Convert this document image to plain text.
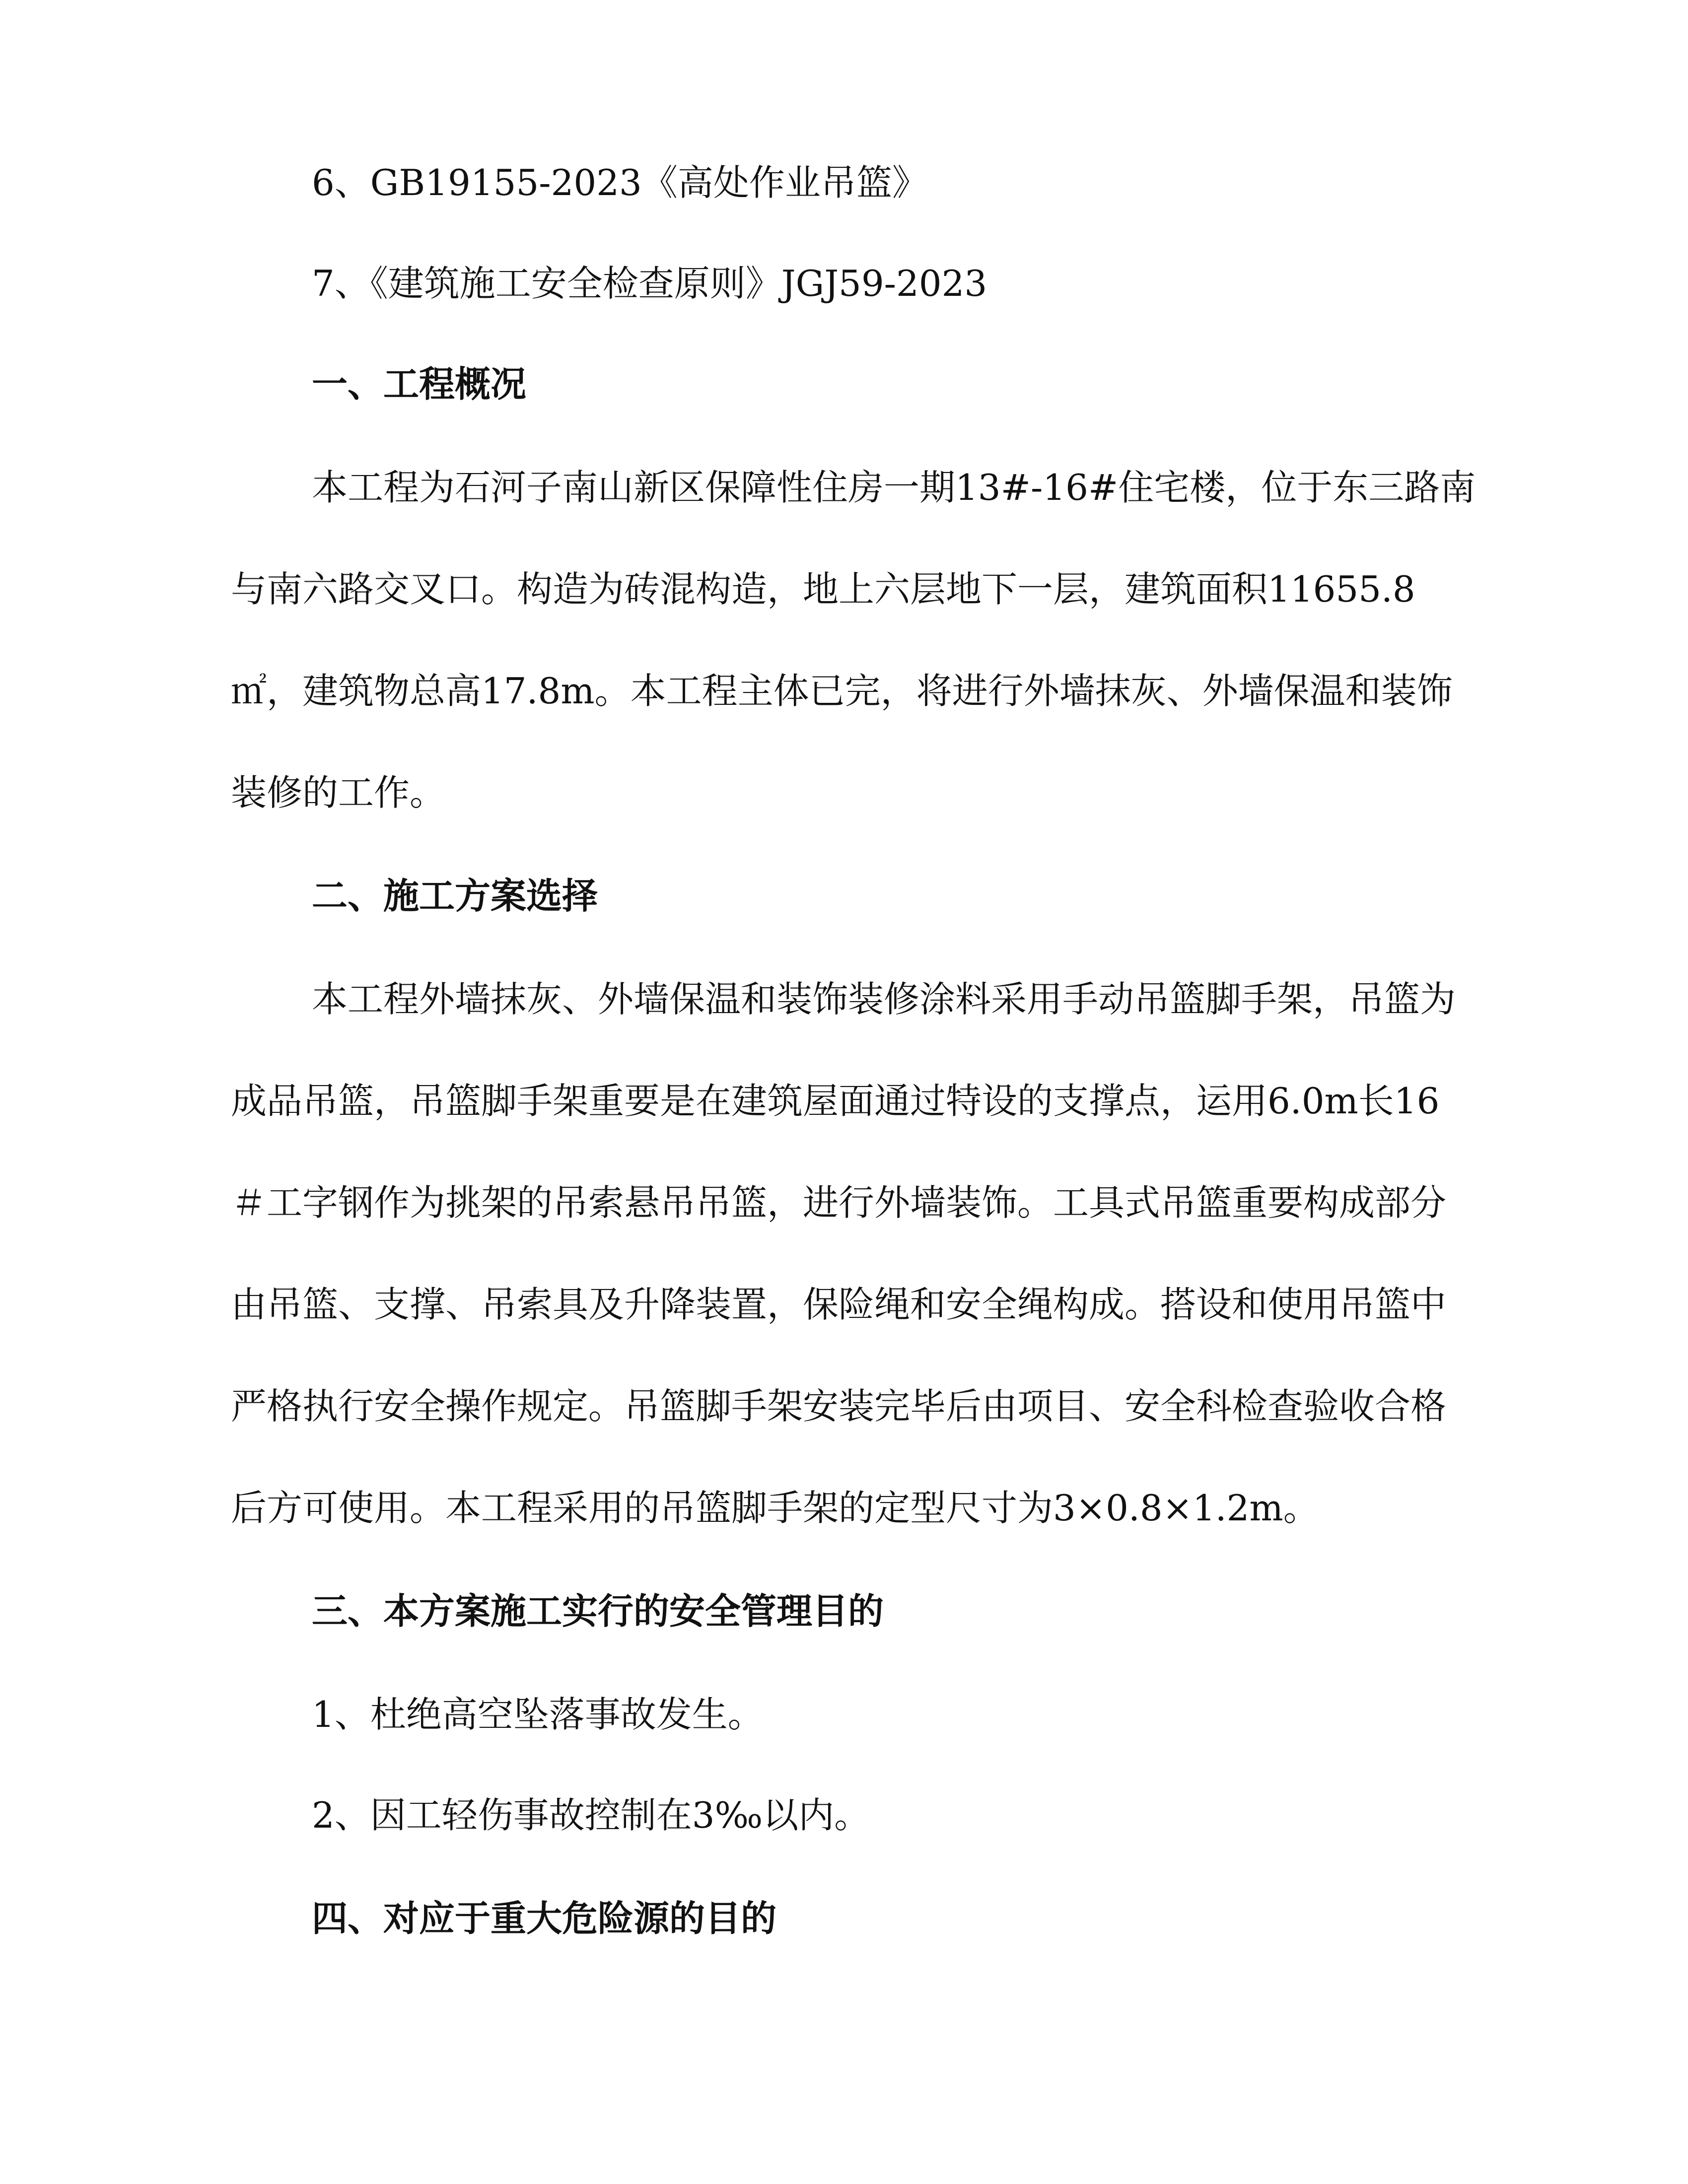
6、GB19155-2023《高处作业吊篮》

7、《建筑施工安全检查原则》JGJ59-2023

一、工程概况

本工程为石河子南山新区保障性住房一期13#-16#住宅楼，位于东三路南

与南六路交叉口。构造为砖混构造，地上六层地下一层，建筑面积11655.8

㎡，建筑物总高17.8m。本工程主体已完，将进行外墙抹灰、外墙保温和装饰

装修的工作。

二、施工方案选择

本工程外墙抹灰、外墙保温和装饰装修涂料采用手动吊篮脚手架，吊篮为

成品吊篮，吊篮脚手架重要是在建筑屋面通过特设的支撑点，运用6.0m长16

＃工字钢作为挑架的吊索悬吊吊篮，进行外墙装饰。工具式吊篮重要构成部分

由吊篮、支撑、吊索具及升降装置，保险绳和安全绳构成。搭设和使用吊篮中

严格执行安全操作规定。吊篮脚手架安装完毕后由项目、安全科检查验收合格

后方可使用。本工程采用的吊篮脚手架的定型尺寸为3×0.8×1.2m。

三、本方案施工实行的安全管理目的

1、杜绝高空坠落事故发生。

2、因工轻伤事故控制在3‰以内。

四、对应于重大危险源的目的
